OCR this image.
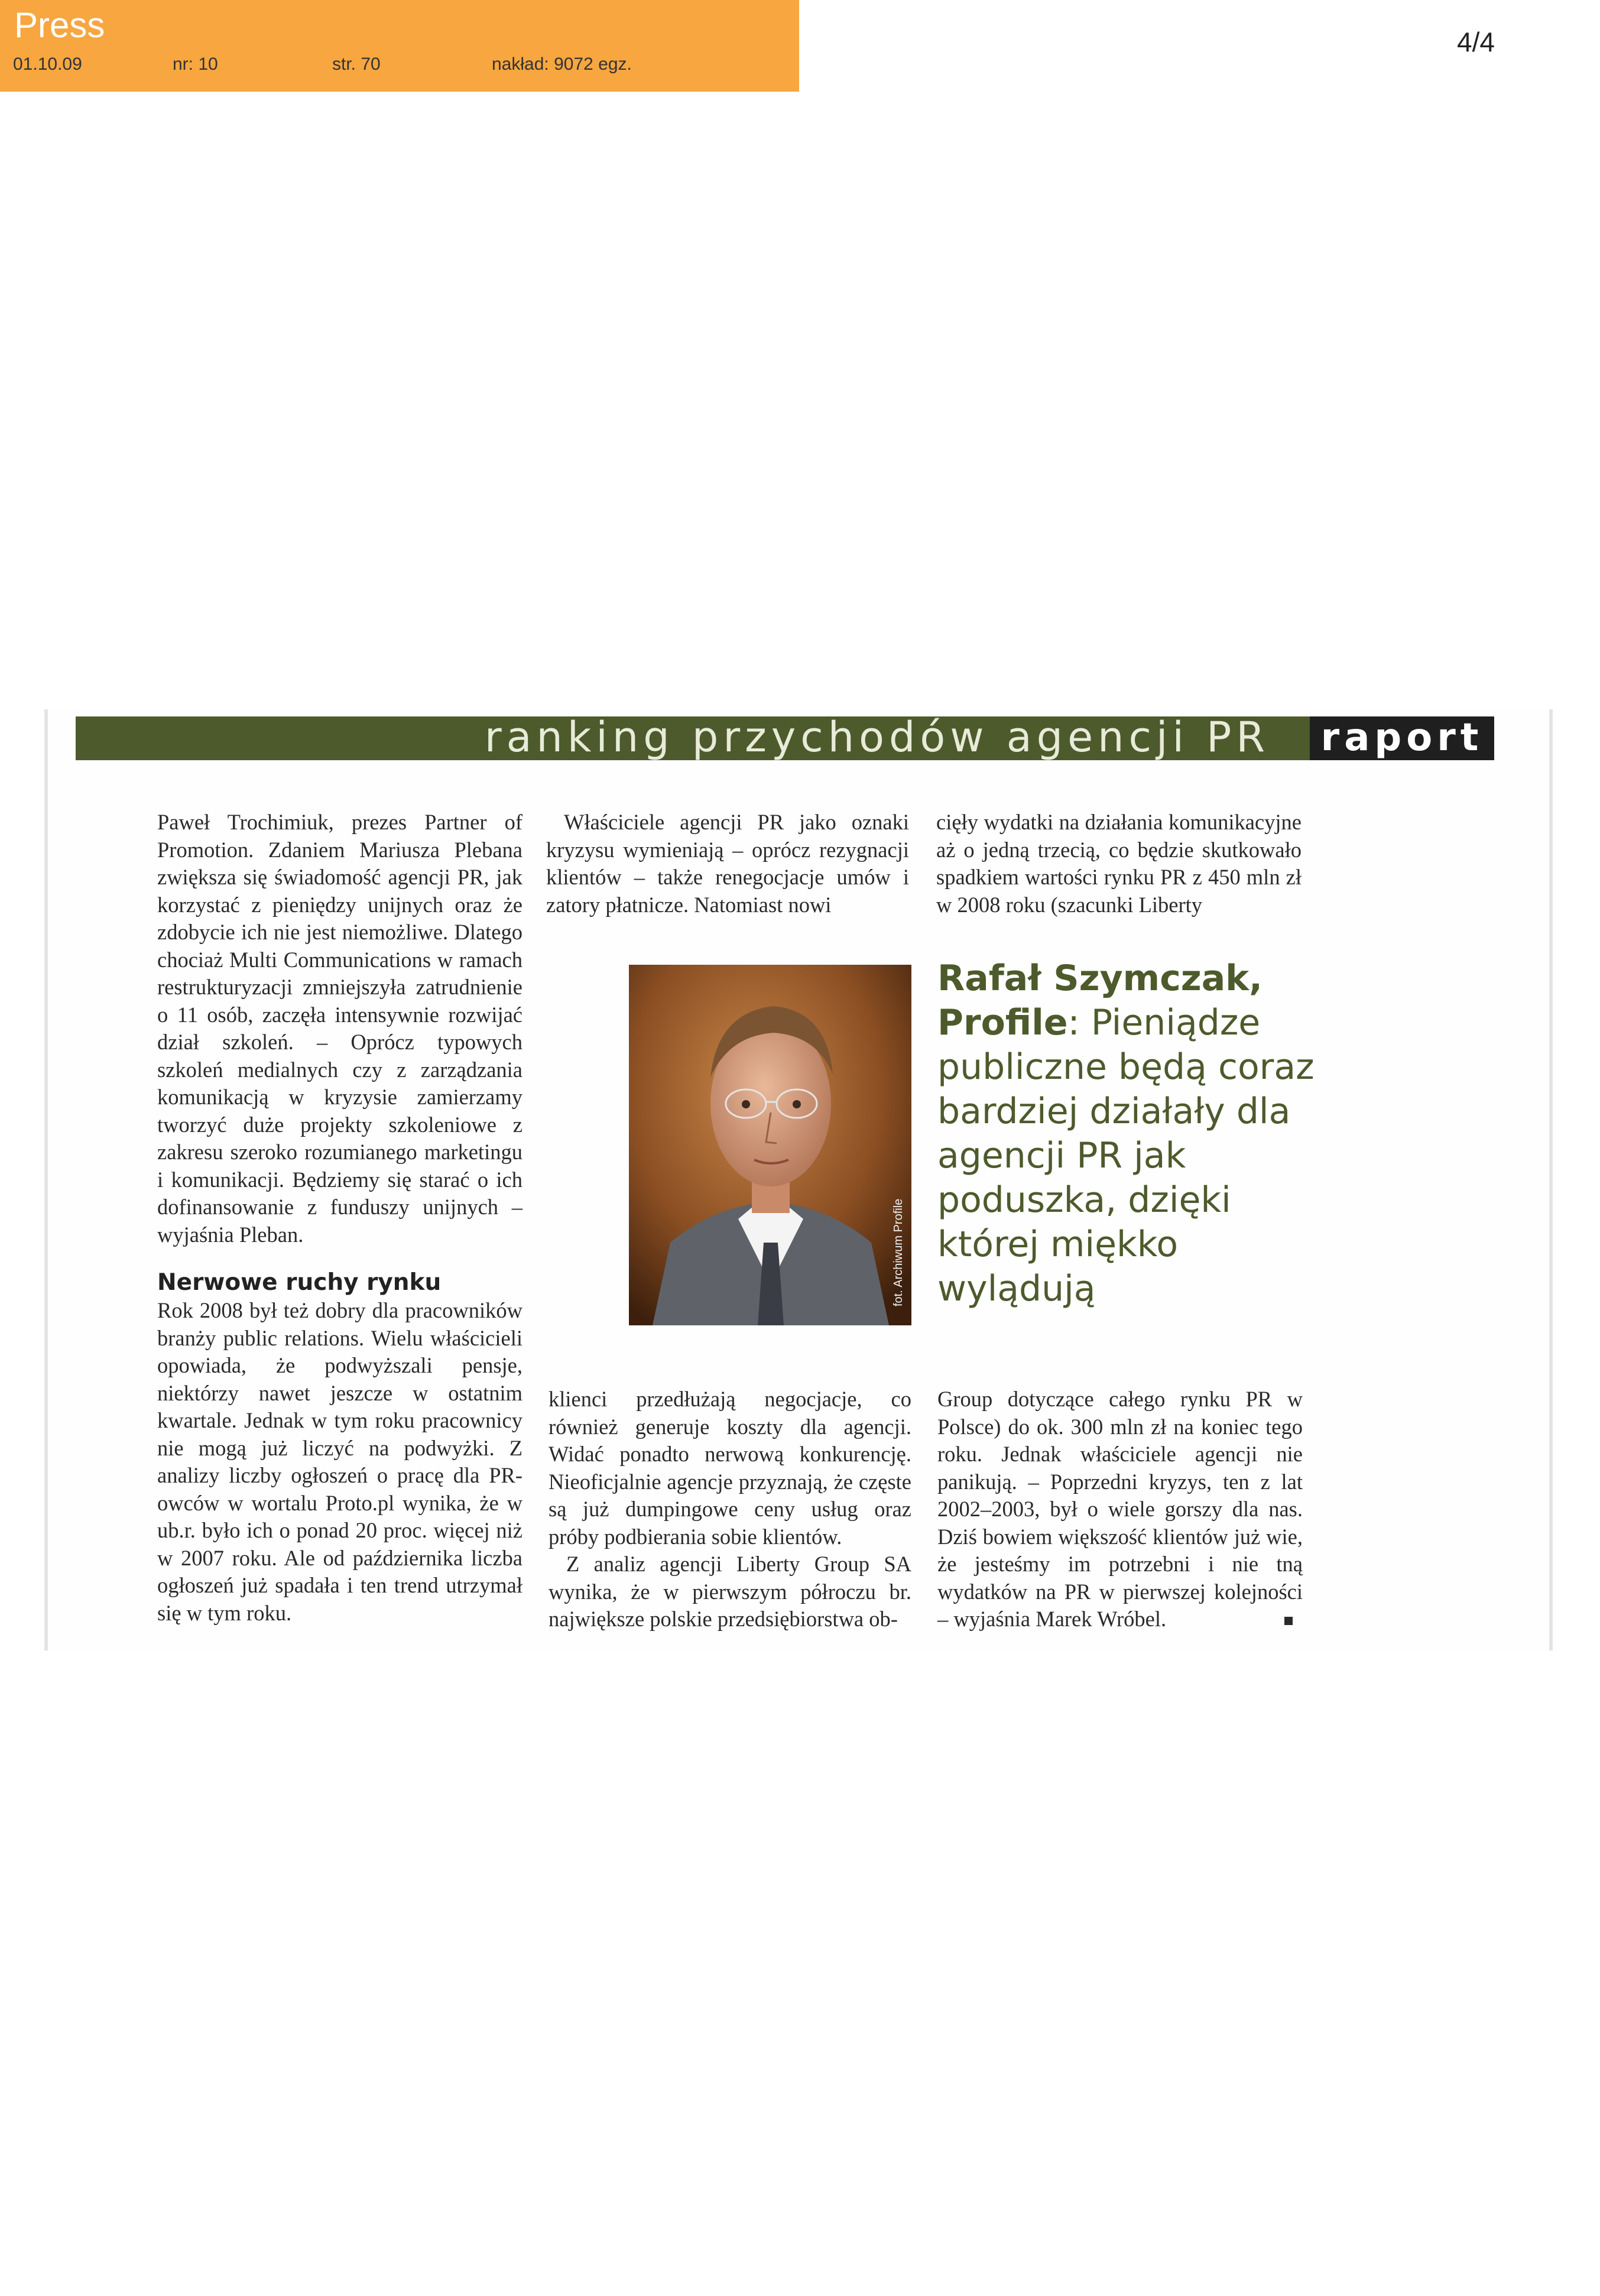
Press
01.10.09	nr: 10	str. 70	nakład: 9072 egz.
4/4
ranking przychodów agencji PR raport

Paweł Trochimiuk, prezes Partner of Promotion. Zdaniem Mariusza Plebana zwiększa się świadomość agencji PR, jak korzystać z pieniędzy unijnych oraz że zdobycie ich nie jest niemożliwe. Dlatego chociaż Multi Communications w ramach restrukturyzacji zmniejszyła zatrudnienie o 11 osób, zaczęła intensywnie rozwijać dział szkoleń. – Oprócz typowych szkoleń medialnych czy z zarządzania komunikacją w kryzysie zamierzamy tworzyć duże projekty szkoleniowe z zakresu szeroko rozumianego marketingu i komunikacji. Będziemy się starać o ich dofinansowanie z funduszy unijnych – wyjaśnia Pleban.

Nerwowe ruchy rynku

Rok 2008 był też dobry dla pracowników branży public relations. Wielu właścicieli opowiada, że podwyższali pensje, niektórzy nawet jeszcze w ostatnim kwartale. Jednak w tym roku pracownicy nie mogą już liczyć na podwyżki. Z analizy liczby ogłoszeń o pracę dla PR-owców w wortalu Proto.pl wynika, że w ub.r. było ich o ponad 20 proc. więcej niż w 2007 roku. Ale od października liczba ogłoszeń już spadała i ten trend utrzymał się w tym roku.

Właściciele agencji PR jako oznaki kryzysu wymieniają – oprócz rezygnacji klientów – także renegocjacje umów i zatory płatnicze. Natomiast nowi

cięły wydatki na działania komunikacyjne aż o jedną trzecią, co będzie skutkowało spadkiem wartości rynku PR z 450 mln zł w 2008 roku (szacunki Liberty

fot. Archiwum Profile
Rafał Szymczak, Profile: Pieniądze publiczne będą coraz bardziej działały dla agencji PR jak poduszka, dzięki której miękko wylądują

klienci przedłużają negocjacje, co również generuje koszty dla agencji. Widać ponadto nerwową konkurencję. Nieoficjalnie agencje przyznają, że częste są już dumpingowe ceny usług oraz próby podbierania sobie klientów.

Z analiz agencji Liberty Group SA wynika, że w pierwszym półroczu br. największe polskie przedsiębiorstwa ob-

Group dotyczące całego rynku PR w Polsce) do ok. 300 mln zł na koniec tego roku. Jednak właściciele agencji nie panikują. – Poprzedni kryzys, ten z lat 2002–2003, był o wiele gorszy dla nas. Dziś bowiem większość klientów już wie, że jesteśmy im potrzebni i nie tną wydatków na PR w pierwszej kolejności – wyjaśnia Marek Wróbel.
